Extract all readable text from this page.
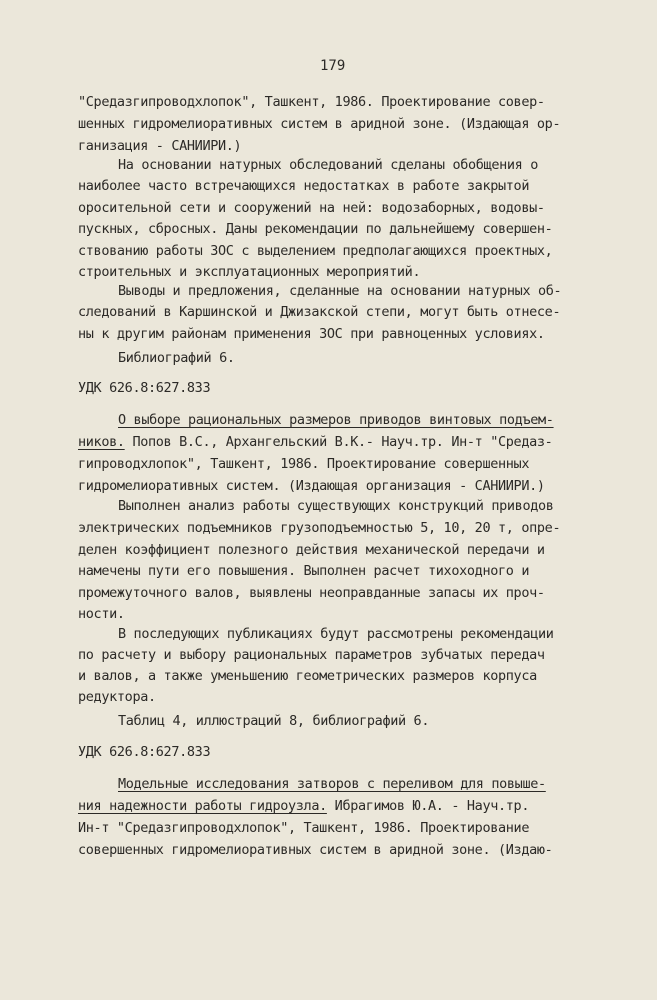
179
"Средазгипроводхлопок", Ташкент, 1986. Проектирование совер-
шенных гидромелиоративных систем в аридной зоне. (Издающая ор-
ганизация - САНИИРИ.)
На основании натурных обследований сделаны обобщения о
наиболее часто встречающихся недостатках в работе закрытой
оросительной сети и сооружений на ней: водозаборных, водовы-
пускных, сбросных. Даны рекомендации по дальнейшему совершен-
ствованию работы ЗОС с выделением предполагающихся проектных,
строительных и эксплуатационных мероприятий.
Выводы и предложения, сделанные на основании натурных об-
следований в Каршинской и Джизакской степи, могут быть отнесе-
ны к другим районам применения ЗОС при равноценных условиях.
Библиографий 6.
УДК 626.8:627.833
О выборе рациональных размеров приводов винтовых подъем-
ников. Попов В.С., Архангельский В.К.- Науч.тр. Ин-т "Средаз-
гипроводхлопок", Ташкент, 1986. Проектирование совершенных
гидромелиоративных систем. (Издающая организация - САНИИРИ.)
Выполнен анализ работы существующих конструкций приводов
электрических подъемников грузоподъемностью 5, 10, 20 т, опре-
делен коэффициент полезного действия механической передачи и
намечены пути его повышения. Выполнен расчет тихоходного и
промежуточного валов, выявлены неоправданные запасы их проч-
ности.
В последующих публикациях будут рассмотрены рекомендации
по расчету и выбору рациональных параметров зубчатых передач
и валов, а также уменьшению геометрических размеров корпуса
редуктора.
Таблиц 4, иллюстраций 8, библиографий 6.
УДК 626.8:627.833
Модельные исследования затворов с переливом для повыше-
ния надежности работы гидроузла. Ибрагимов Ю.А. - Науч.тр.
Ин-т "Средазгипроводхлопок", Ташкент, 1986. Проектирование
совершенных гидромелиоративных систем в аридной зоне. (Издаю-
